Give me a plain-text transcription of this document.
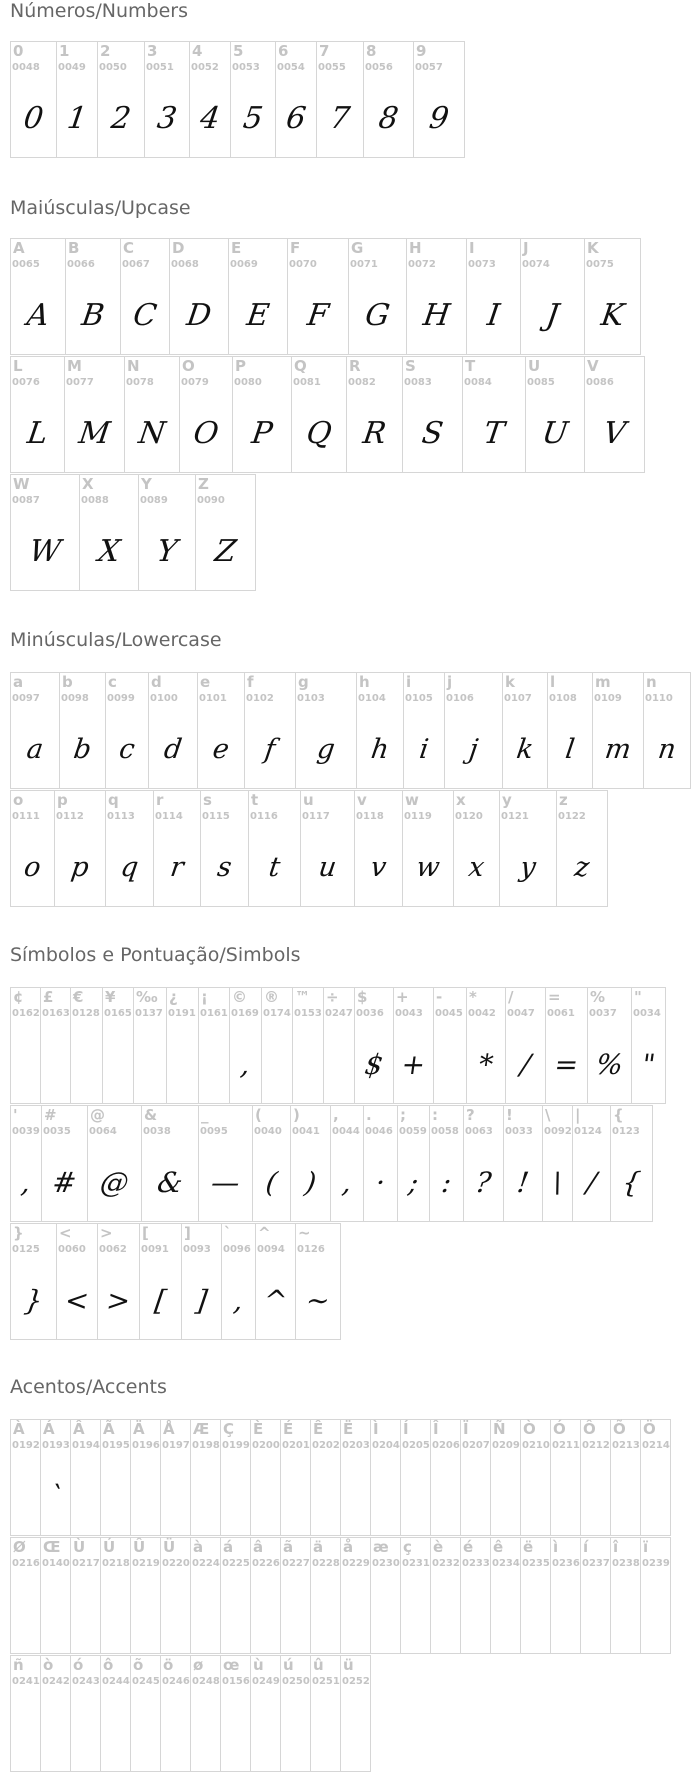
Números/Numbers
Maiúsculas/Upcase
Minúsculas/Lowercase
Símbolos e Pontuação/Simbols
Acentos/Accents
0
0048
0
1
0049
1
2
0050
2
3
0051
3
4
0052
4
5
0053
5
6
0054
6
7
0055
7
8
0056
8
9
0057
9
A
0065
A
B
0066
B
C
0067
C
D
0068
D
E
0069
E
F
0070
F
G
0071
G
H
0072
H
I
0073
I
J
0074
J
K
0075
K
L
0076
L
M
0077
M
N
0078
N
O
0079
O
P
0080
P
Q
0081
Q
R
0082
R
S
0083
S
T
0084
T
U
0085
U
V
0086
V
W
0087
W
X
0088
X
Y
0089
Y
Z
0090
Z
a
0097
a
b
0098
b
c
0099
c
d
0100
d
e
0101
e
f
0102
f
g
0103
g
h
0104
h
i
0105
i
j
0106
j
k
0107
k
l
0108
l
m
0109
m
n
0110
n
o
0111
o
p
0112
p
q
0113
q
r
0114
r
s
0115
s
t
0116
t
u
0117
u
v
0118
v
w
0119
w
x
0120
x
y
0121
y
z
0122
z
¢
0162
£
0163
€
0128
¥
0165
‰
0137
¿
0191
¡
0161
©
0169
,
®
0174
™
0153
÷
0247
$
0036
$
+
0043
+
-
0045
*
0042
*
/
0047
/
=
0061
=
%
0037
%
"
0034
"
'
0039
,
#
0035
#
@
0064
@
&
0038
&
_
0095
—
(
0040
(
)
0041
)
,
0044
,
.
0046
·
;
0059
;
:
0058
:
?
0063
?
!
0033
!
\
0092
\
|
0124
/
{
0123
{
}
0125
}
<
0060
<
>
0062
>
[
0091
[
]
0093
]
`
0096
,
^
0094
^
~
0126
~
À
0192
Á
0193
`
Â
0194
Ã
0195
Ä
0196
Å
0197
Æ
0198
Ç
0199
È
0200
É
0201
Ê
0202
Ë
0203
Ì
0204
Í
0205
Î
0206
Ï
0207
Ñ
0209
Ò
0210
Ó
0211
Ô
0212
Õ
0213
Ö
0214
Ø
0216
Œ
0140
Ù
0217
Ú
0218
Û
0219
Ü
0220
à
0224
á
0225
â
0226
ã
0227
ä
0228
å
0229
æ
0230
ç
0231
è
0232
é
0233
ê
0234
ë
0235
ì
0236
í
0237
î
0238
ï
0239
ñ
0241
ò
0242
ó
0243
ô
0244
õ
0245
ö
0246
ø
0248
œ
0156
ù
0249
ú
0250
û
0251
ü
0252
